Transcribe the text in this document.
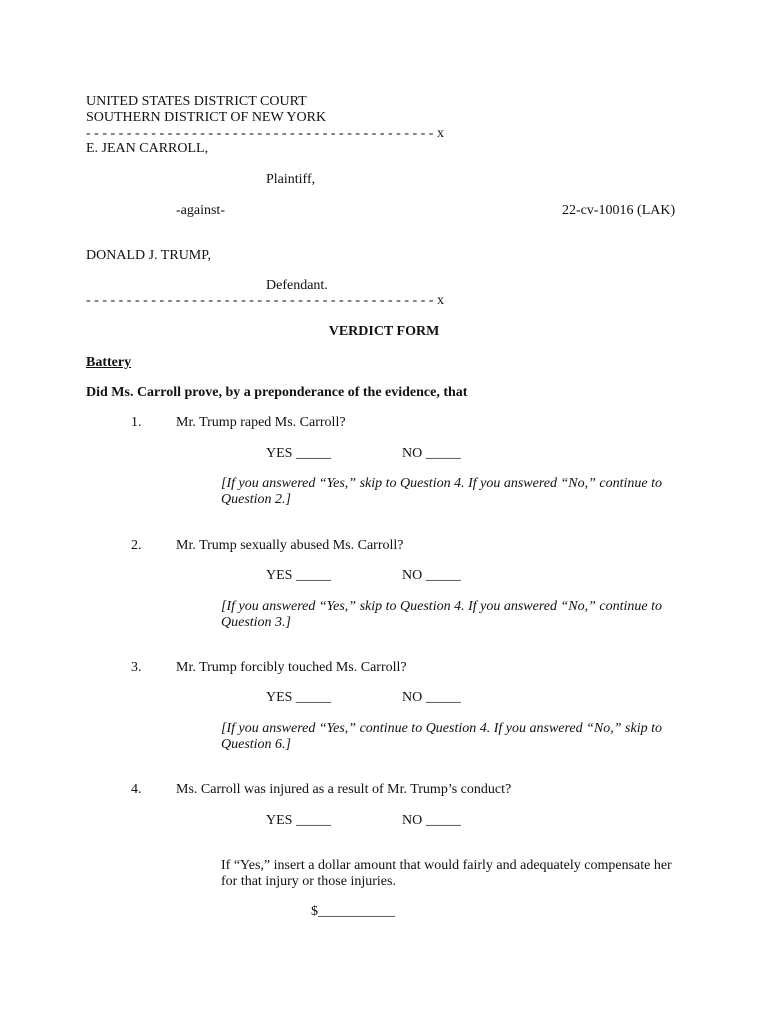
UNITED STATES DISTRICT COURT
SOUTHERN DISTRICT OF NEW YORK
- - - - - - - - - - - - - - - - - - - - - - - - - - - - - - - - - - - - - - - - - - - x
E. JEAN CARROLL,
Plaintiff,
-against-	22-cv-10016 (LAK)
DONALD J. TRUMP,
Defendant.
- - - - - - - - - - - - - - - - - - - - - - - - - - - - - - - - - - - - - - - - - - - x
VERDICT FORM
Battery
Did Ms. Carroll prove, by a preponderance of the evidence, that
1. Mr. Trump raped Ms. Carroll?
YES _____	NO _____
[If you answered “Yes,” skip to Question 4. If you answered “No,” continue to Question 2.]
2. Mr. Trump sexually abused Ms. Carroll?
YES _____	NO _____
[If you answered “Yes,” skip to Question 4. If you answered “No,” continue to Question 3.]
3. Mr. Trump forcibly touched Ms. Carroll?
YES _____	NO _____
[If you answered “Yes,” continue to Question 4. If you answered “No,” skip to Question 6.]
4. Ms. Carroll was injured as a result of Mr. Trump’s conduct?
YES _____	NO _____
If “Yes,” insert a dollar amount that would fairly and adequately compensate her for that injury or those injuries.
$___________
